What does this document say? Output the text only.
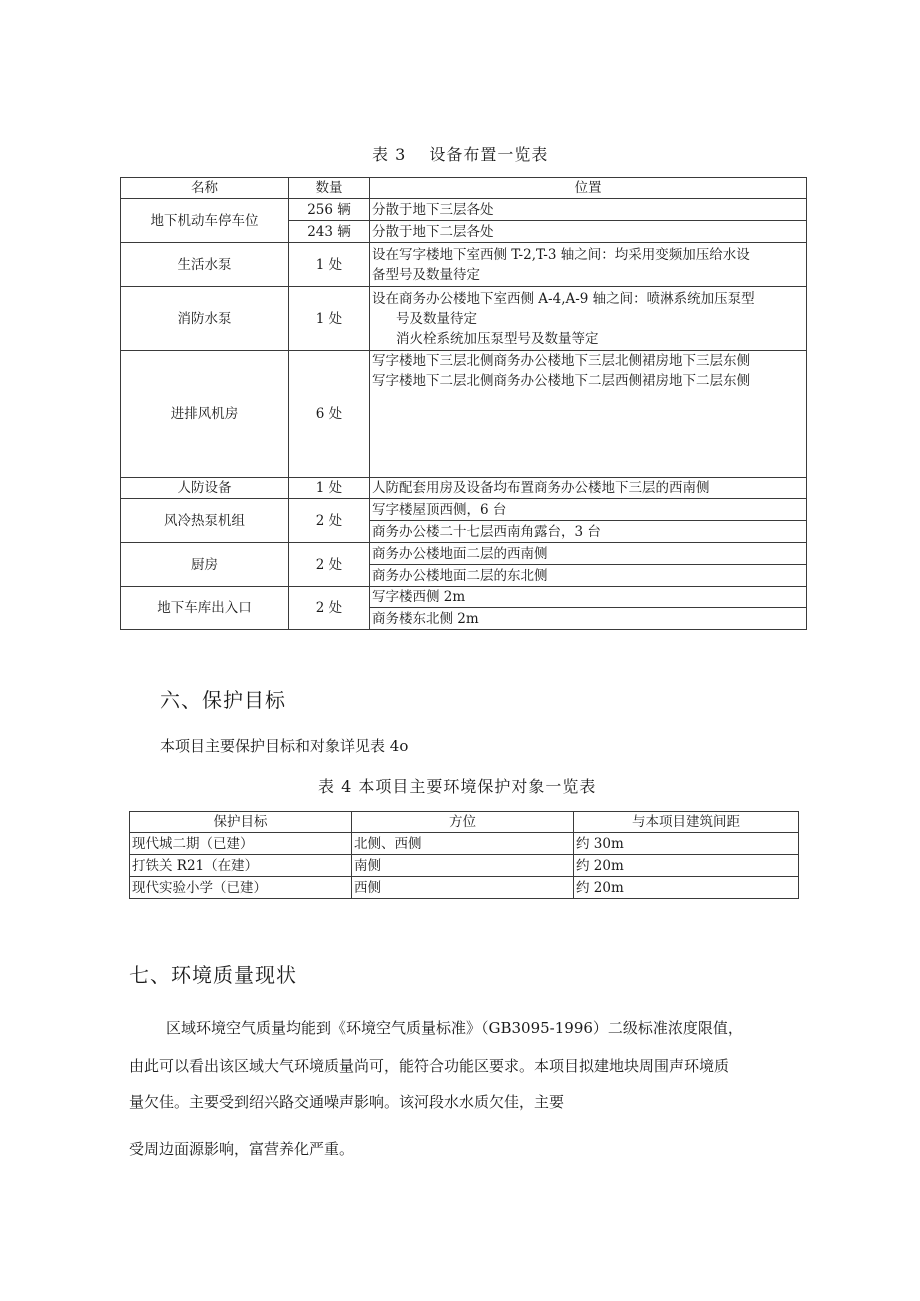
表 3　 设备布置一览表
名称	数量	位置
地下机动车停车位	256 辆	分散于地下三层各处
	243 辆	分散于地下二层各处
生活水泵	1 处	设在写字楼地下室西侧 T-2,T-3 轴之间：均采用变频加压给水设
备型号及数量待定

消防水泵	1 处	设在商务办公楼地下室西侧 A-4,A-9 轴之间：喷淋系统加压泵型
号及数量待定
消火栓系统加压泵型号及数量等定

进排风机房	6 处	写字楼地下三层北侧商务办公楼地下三层北侧裙房地下三层东侧
写字楼地下二层北侧商务办公楼地下二层西侧裙房地下二层东侧

人防设备	1 处	人防配套用房及设备均布置商务办公楼地下三层的西南侧
风冷热泵机组	2 处	写字楼屋顶西侧，6 台
		商务办公楼二十七层西南角露台，3 台
厨房	2 处	商务办公楼地面二层的西南侧
		商务办公楼地面二层的东北侧
地下车库出入口	2 处	写字楼西侧 2m
		商务楼东北侧 2m
六、保护目标
本项目主要保护目标和对象详见表 4o
表 4 本项目主要环境保护对象一览表
保护目标	方位	与本项目建筑间距
现代城二期（已建）	北侧、西侧	约 30m
打铁关 R21（在建）	南侧	约 20m
现代实验小学（已建）	西侧	约 20m
七、环境质量现状
区域环境空气质量均能到《环境空气质量标准》（GB3095-1996）二级标准浓度限值，
由此可以看出该区域大气环境质量尚可，能符合功能区要求。本项目拟建地块周围声环境质
量欠佳。主要受到绍兴路交通噪声影响。该河段水水质欠佳，主要
受周边面源影响，富营养化严重。
